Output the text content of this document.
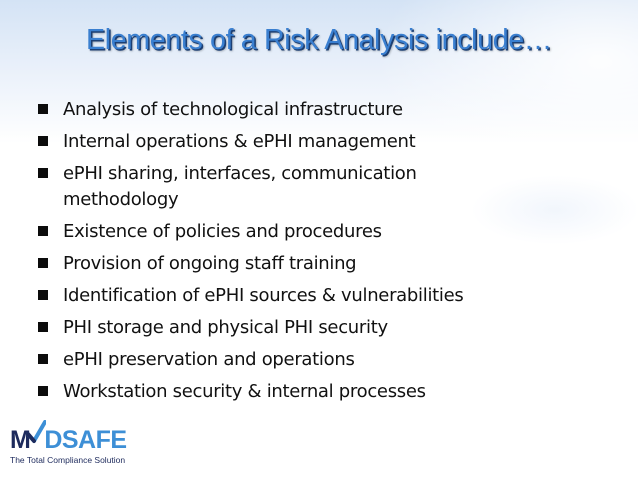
Elements of a Risk Analysis include…
Analysis of technological infrastructure
Internal operations & ePHI management
ePHI sharing, interfaces, communication methodology
Existence of policies and procedures
Provision of ongoing staff training
Identification of ePHI sources & vulnerabilities
PHI storage and physical PHI security
ePHI preservation and operations
Workstation security & internal processes
M DSAFE
The Total Compliance Solution
